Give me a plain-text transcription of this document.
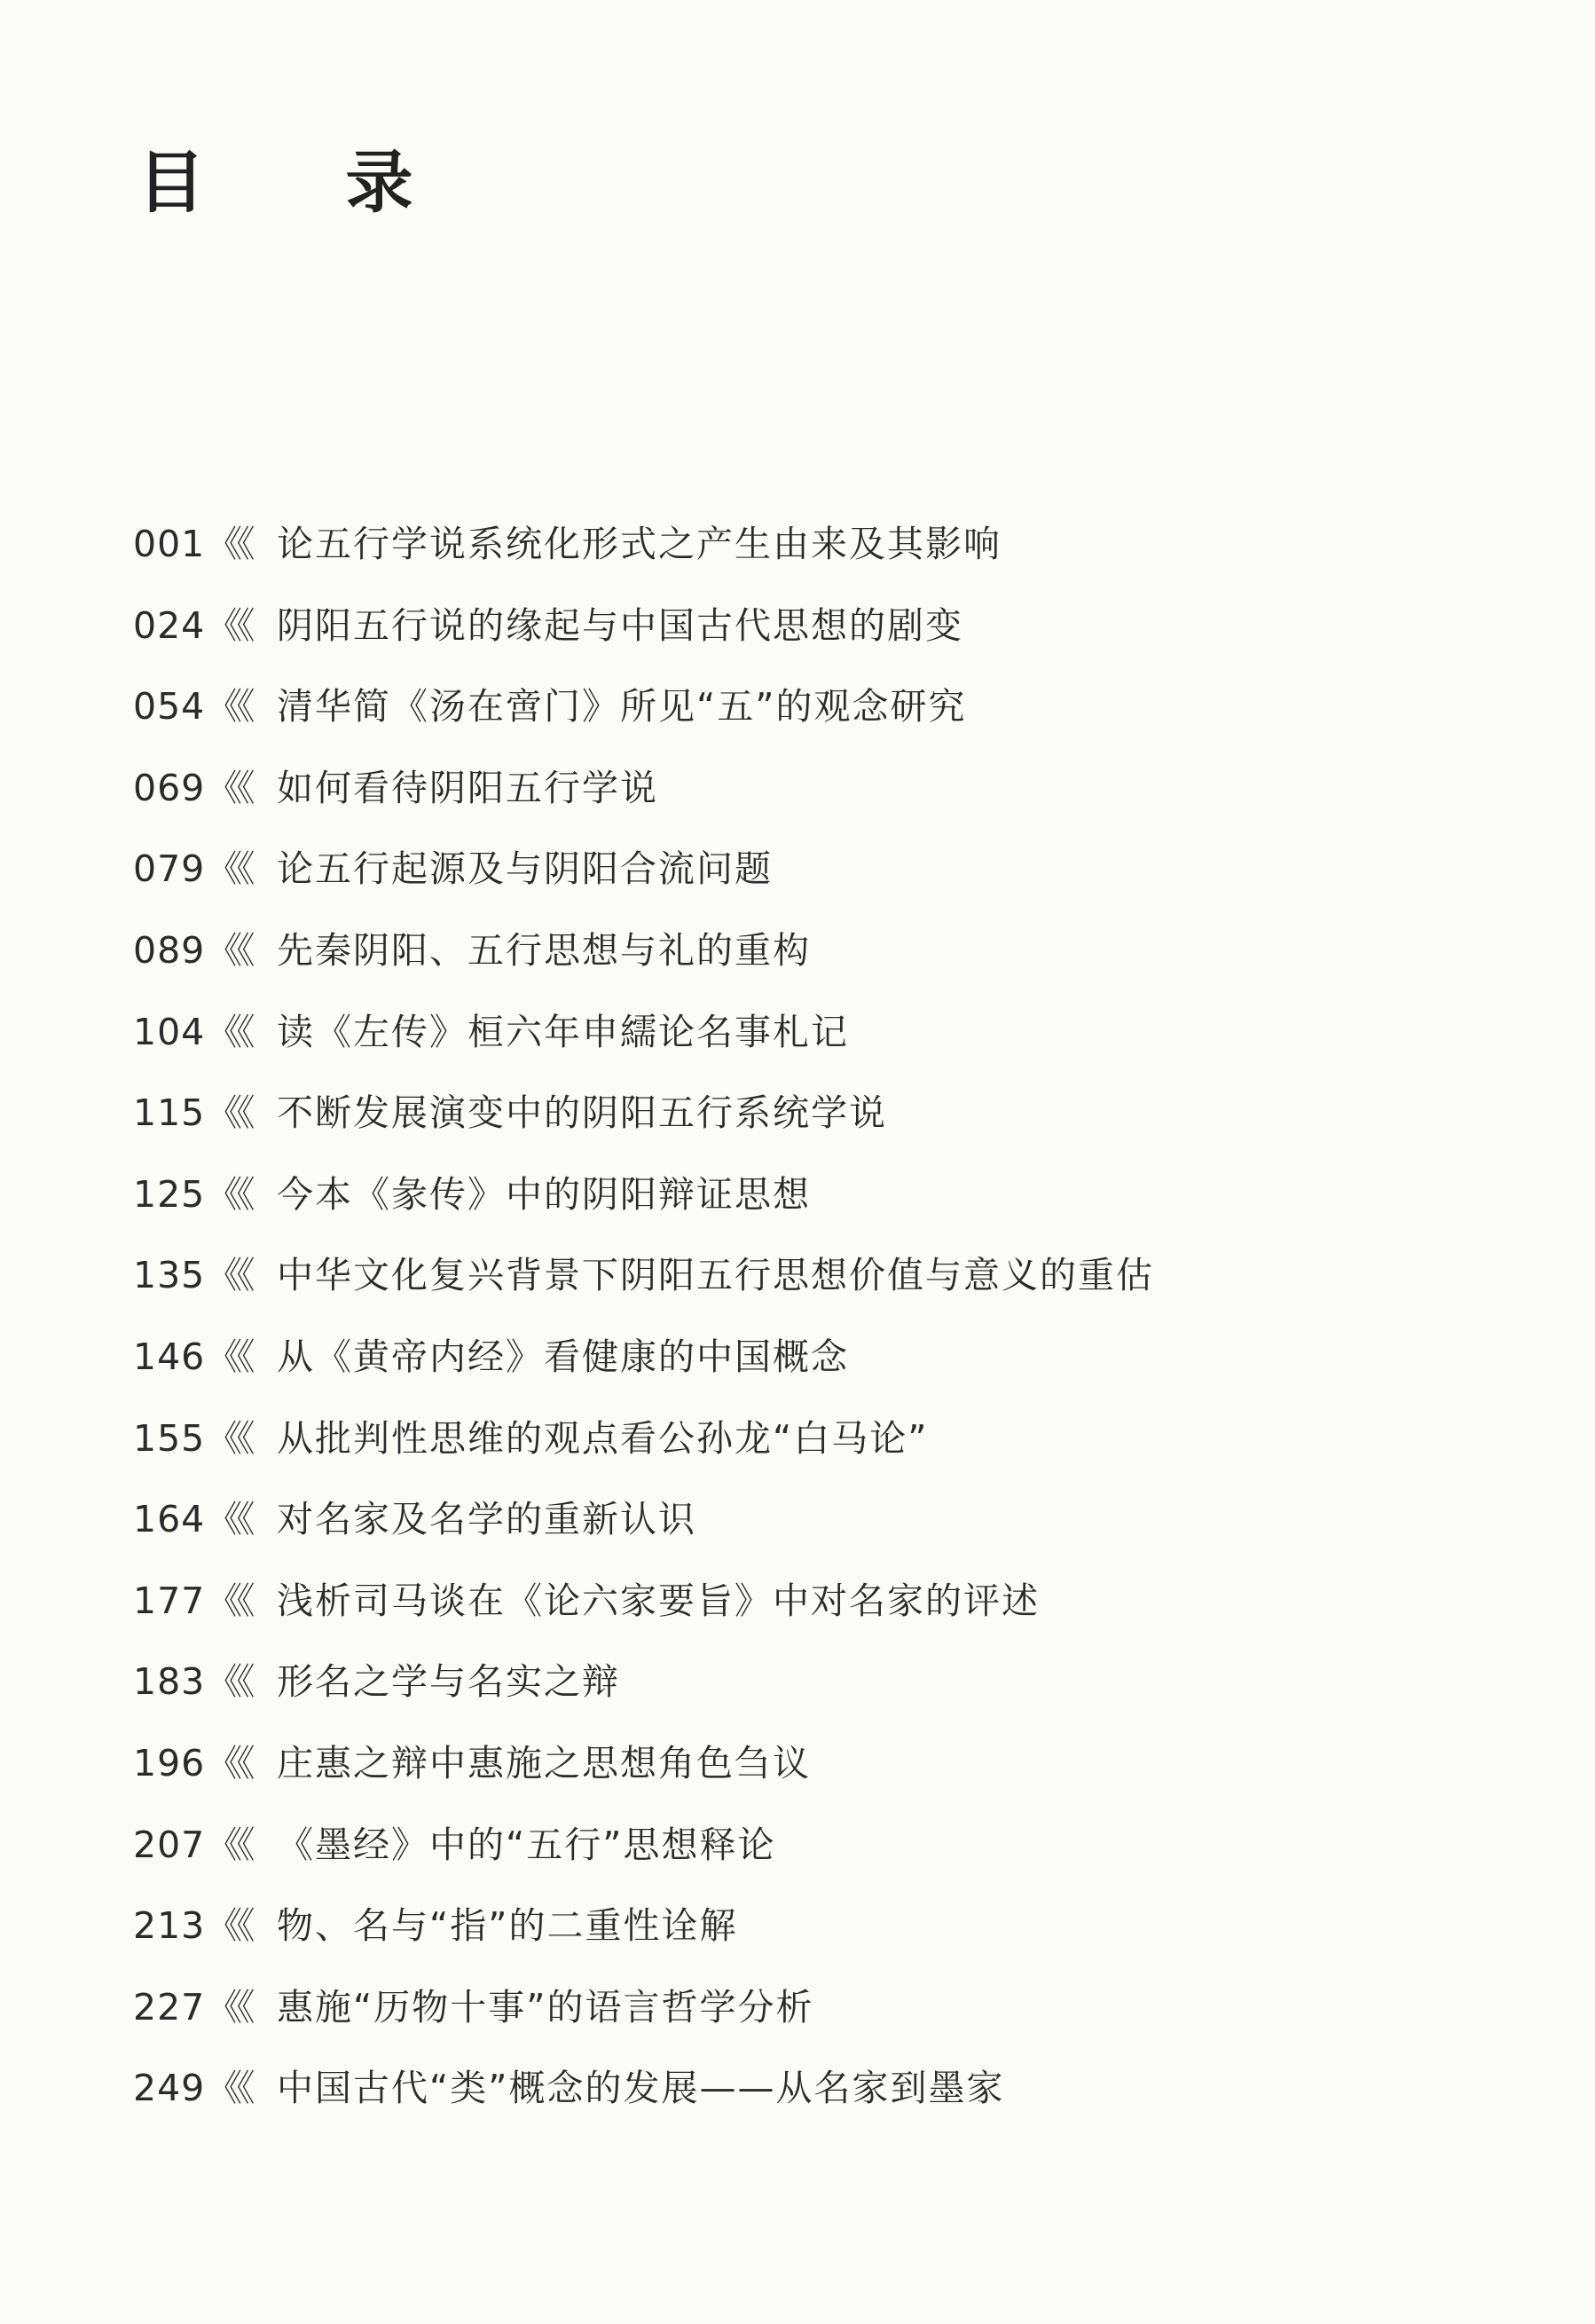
目 录
001 《《 论五行学说系统化形式之产生由来及其影响
024 《《 阴阳五行说的缘起与中国古代思想的剧变
054 《《 清华简《汤在啻门》所见“五”的观念研究
069 《《 如何看待阴阳五行学说
079 《《 论五行起源及与阴阳合流问题
089 《《 先秦阴阳、五行思想与礼的重构
104 《《 读《左传》桓六年申繻论名事札记
115 《《 不断发展演变中的阴阳五行系统学说
125 《《 今本《彖传》中的阴阳辩证思想
135 《《 中华文化复兴背景下阴阳五行思想价值与意义的重估
146 《《 从《黄帝内经》看健康的中国概念
155 《《 从批判性思维的观点看公孙龙“白马论”
164 《《 对名家及名学的重新认识
177 《《 浅析司马谈在《论六家要旨》中对名家的评述
183 《《 形名之学与名实之辩
196 《《 庄惠之辩中惠施之思想角色刍议
207 《《 《墨经》中的“五行”思想释论
213 《《 物、名与“指”的二重性诠解
227 《《 惠施“历物十事”的语言哲学分析
249 《《 中国古代“类”概念的发展——从名家到墨家
